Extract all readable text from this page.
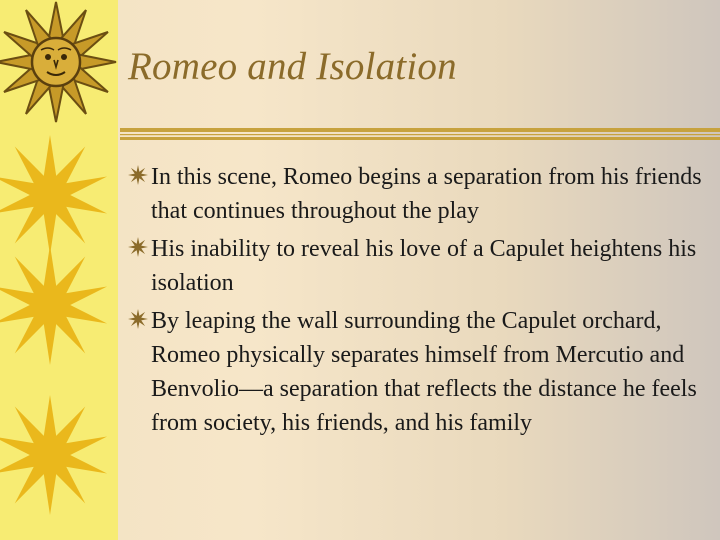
Romeo and Isolation
In this scene, Romeo begins a separation from his friends that continues throughout the play
His inability to reveal his love of a Capulet heightens his isolation
By leaping the wall surrounding the Capulet orchard, Romeo physically separates himself from Mercutio and Benvolio—a separation that reflects the distance he feels from society, his friends, and his family
